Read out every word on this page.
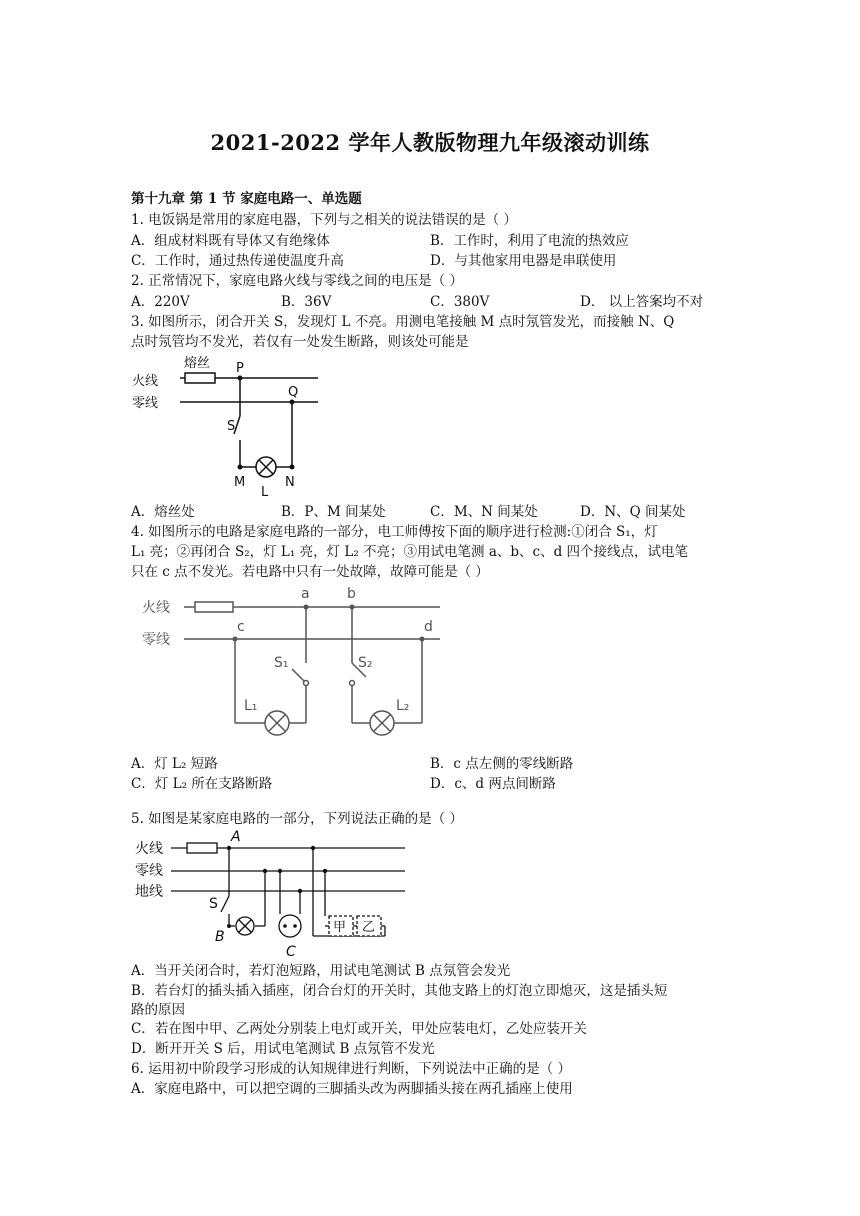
2021-2022 学年人教版物理九年级滚动训练
第十九章 第 1 节 家庭电路一、单选题
1. 电饭锅是常用的家庭电器，下列与之相关的说法错误的是（ ）
A．组成材料既有导体又有绝缘体	B．工作时，利用了电流的热效应
C．工作时，通过热传递使温度升高	D．与其他家用电器是串联使用
2. 正常情况下，家庭电路火线与零线之间的电压是（ ）
A．220V	B．36V	C．380V	D． 以上答案均不对
3. 如图所示，闭合开关 S，发现灯 L 不亮。用测电笔接触 M 点时氖管发光，而接触 N、Q
点时氖管均不发光，若仅有一处发生断路，则该处可能是
熔丝
火线
零线
P
Q
S
M	N
L
A．熔丝处	B．P、M 间某处	C．M、N 间某处	D．N、Q 间某处
4. 如图所示的电路是家庭电路的一部分，电工师傅按下面的顺序进行检测:①闭合 S₁，灯
L₁ 亮；②再闭合 S₂，灯 L₁ 亮，灯 L₂ 不亮；③用试电笔测 a、b、c、d 四个接线点，试电笔
只在 c 点不发光。若电路中只有一处故障，故障可能是（ ）
火线
零线
a	b
c	d
S₁	S₂
L₁	L₂
A．灯 L₂ 短路	B．c 点左侧的零线断路
C．灯 L₂ 所在支路断路	D．c、d 两点间断路
5. 如图是某家庭电路的一部分，下列说法正确的是（ ）
火线
零线
地线
A
S
B
C
甲 乙
A．当开关闭合时，若灯泡短路，用试电笔测试 B 点氖管会发光
B．若台灯的插头插入插座，闭合台灯的开关时，其他支路上的灯泡立即熄灭，这是插头短
路的原因
C．若在图中甲、乙两处分别装上电灯或开关，甲处应装电灯，乙处应装开关
D．断开开关 S 后，用试电笔测试 B 点氖管不发光
6. 运用初中阶段学习形成的认知规律进行判断，下列说法中正确的是（ ）
A．家庭电路中，可以把空调的三脚插头改为两脚插头接在两孔插座上使用
